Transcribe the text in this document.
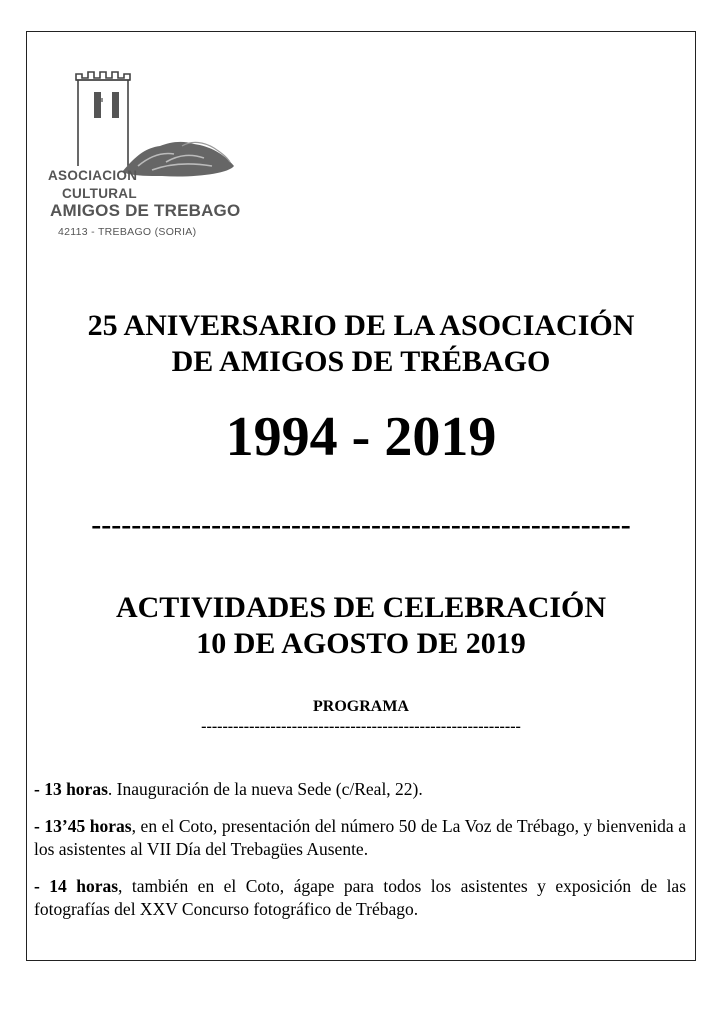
ASOCIACION
CULTURAL
AMIGOS DE TREBAGO
42113 - TREBAGO (SORIA)
25 ANIVERSARIO DE LA ASOCIACIÓN
DE AMIGOS DE TRÉBAGO
1994 - 2019
------------------------------------------------------
ACTIVIDADES DE CELEBRACIÓN
10 DE AGOSTO DE 2019
PROGRAMA
------------------------------------------------------------

- 13 horas. Inauguración de la nueva Sede (c/Real, 22).

- 13’45 horas, en el Coto, presentación del número 50 de La Voz de Trébago, y bienvenida a los asistentes al VII Día del Trebagües Ausente.

- 14 horas, también en el Coto, ágape para todos los asistentes y exposición de las fotografías del XXV Concurso fotográfico de Trébago.
